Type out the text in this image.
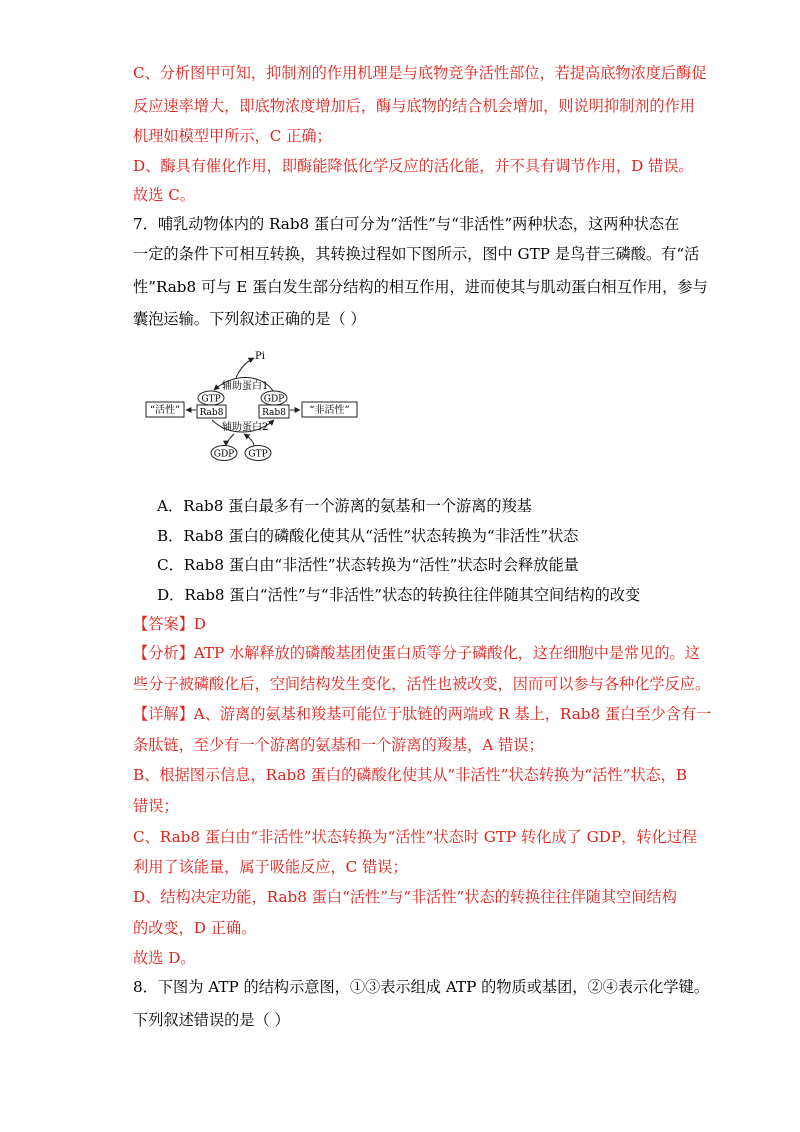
C、分析图甲可知，抑制剂的作用机理是与底物竞争活性部位，若提高底物浓度后酶促
反应速率增大，即底物浓度增加后，酶与底物的结合机会增加，则说明抑制剂的作用
机理如模型甲所示，C 正确；
D、酶具有催化作用，即酶能降低化学反应的活化能，并不具有调节作用，D 错误。
故选 C。
7．哺乳动物体内的 Rab8 蛋白可分为“活性”与“非活性”两种状态，这两种状态在
一定的条件下可相互转换，其转换过程如下图所示，图中 GTP 是鸟苷三磷酸。有“活
性”Rab8 可与 E 蛋白发生部分结构的相互作用，进而使其与肌动蛋白相互作用，参与
囊泡运输。下列叙述正确的是（ ）
Pi
辅助蛋白1
GTP
Rab8
GDP
Rab8
“活性”	“非活性”
辅助蛋白2
GDP GTP
A．Rab8 蛋白最多有一个游离的氨基和一个游离的羧基
B．Rab8 蛋白的磷酸化使其从“活性”状态转换为“非活性”状态
C．Rab8 蛋白由“非活性”状态转换为“活性”状态时会释放能量
D．Rab8 蛋白“活性”与“非活性”状态的转换往往伴随其空间结构的改变
【答案】D
【分析】ATP 水解释放的磷酸基团使蛋白质等分子磷酸化，这在细胞中是常见的。这
些分子被磷酸化后，空间结构发生变化，活性也被改变，因而可以参与各种化学反应。
【详解】A、游离的氨基和羧基可能位于肽链的两端或 R 基上，Rab8 蛋白至少含有一
条肽链，至少有一个游离的氨基和一个游离的羧基，A 错误；
B、根据图示信息，Rab8 蛋白的磷酸化使其从“非活性”状态转换为“活性”状态，B
错误；
C、Rab8 蛋白由“非活性”状态转换为“活性”状态时 GTP 转化成了 GDP，转化过程
利用了该能量，属于吸能反应，C 错误；
D、结构决定功能，Rab8 蛋白“活性”与“非活性”状态的转换往往伴随其空间结构
的改变，D 正确。
故选 D。
8．下图为 ATP 的结构示意图，①③表示组成 ATP 的物质或基团，②④表示化学键。
下列叙述错误的是（ ）
